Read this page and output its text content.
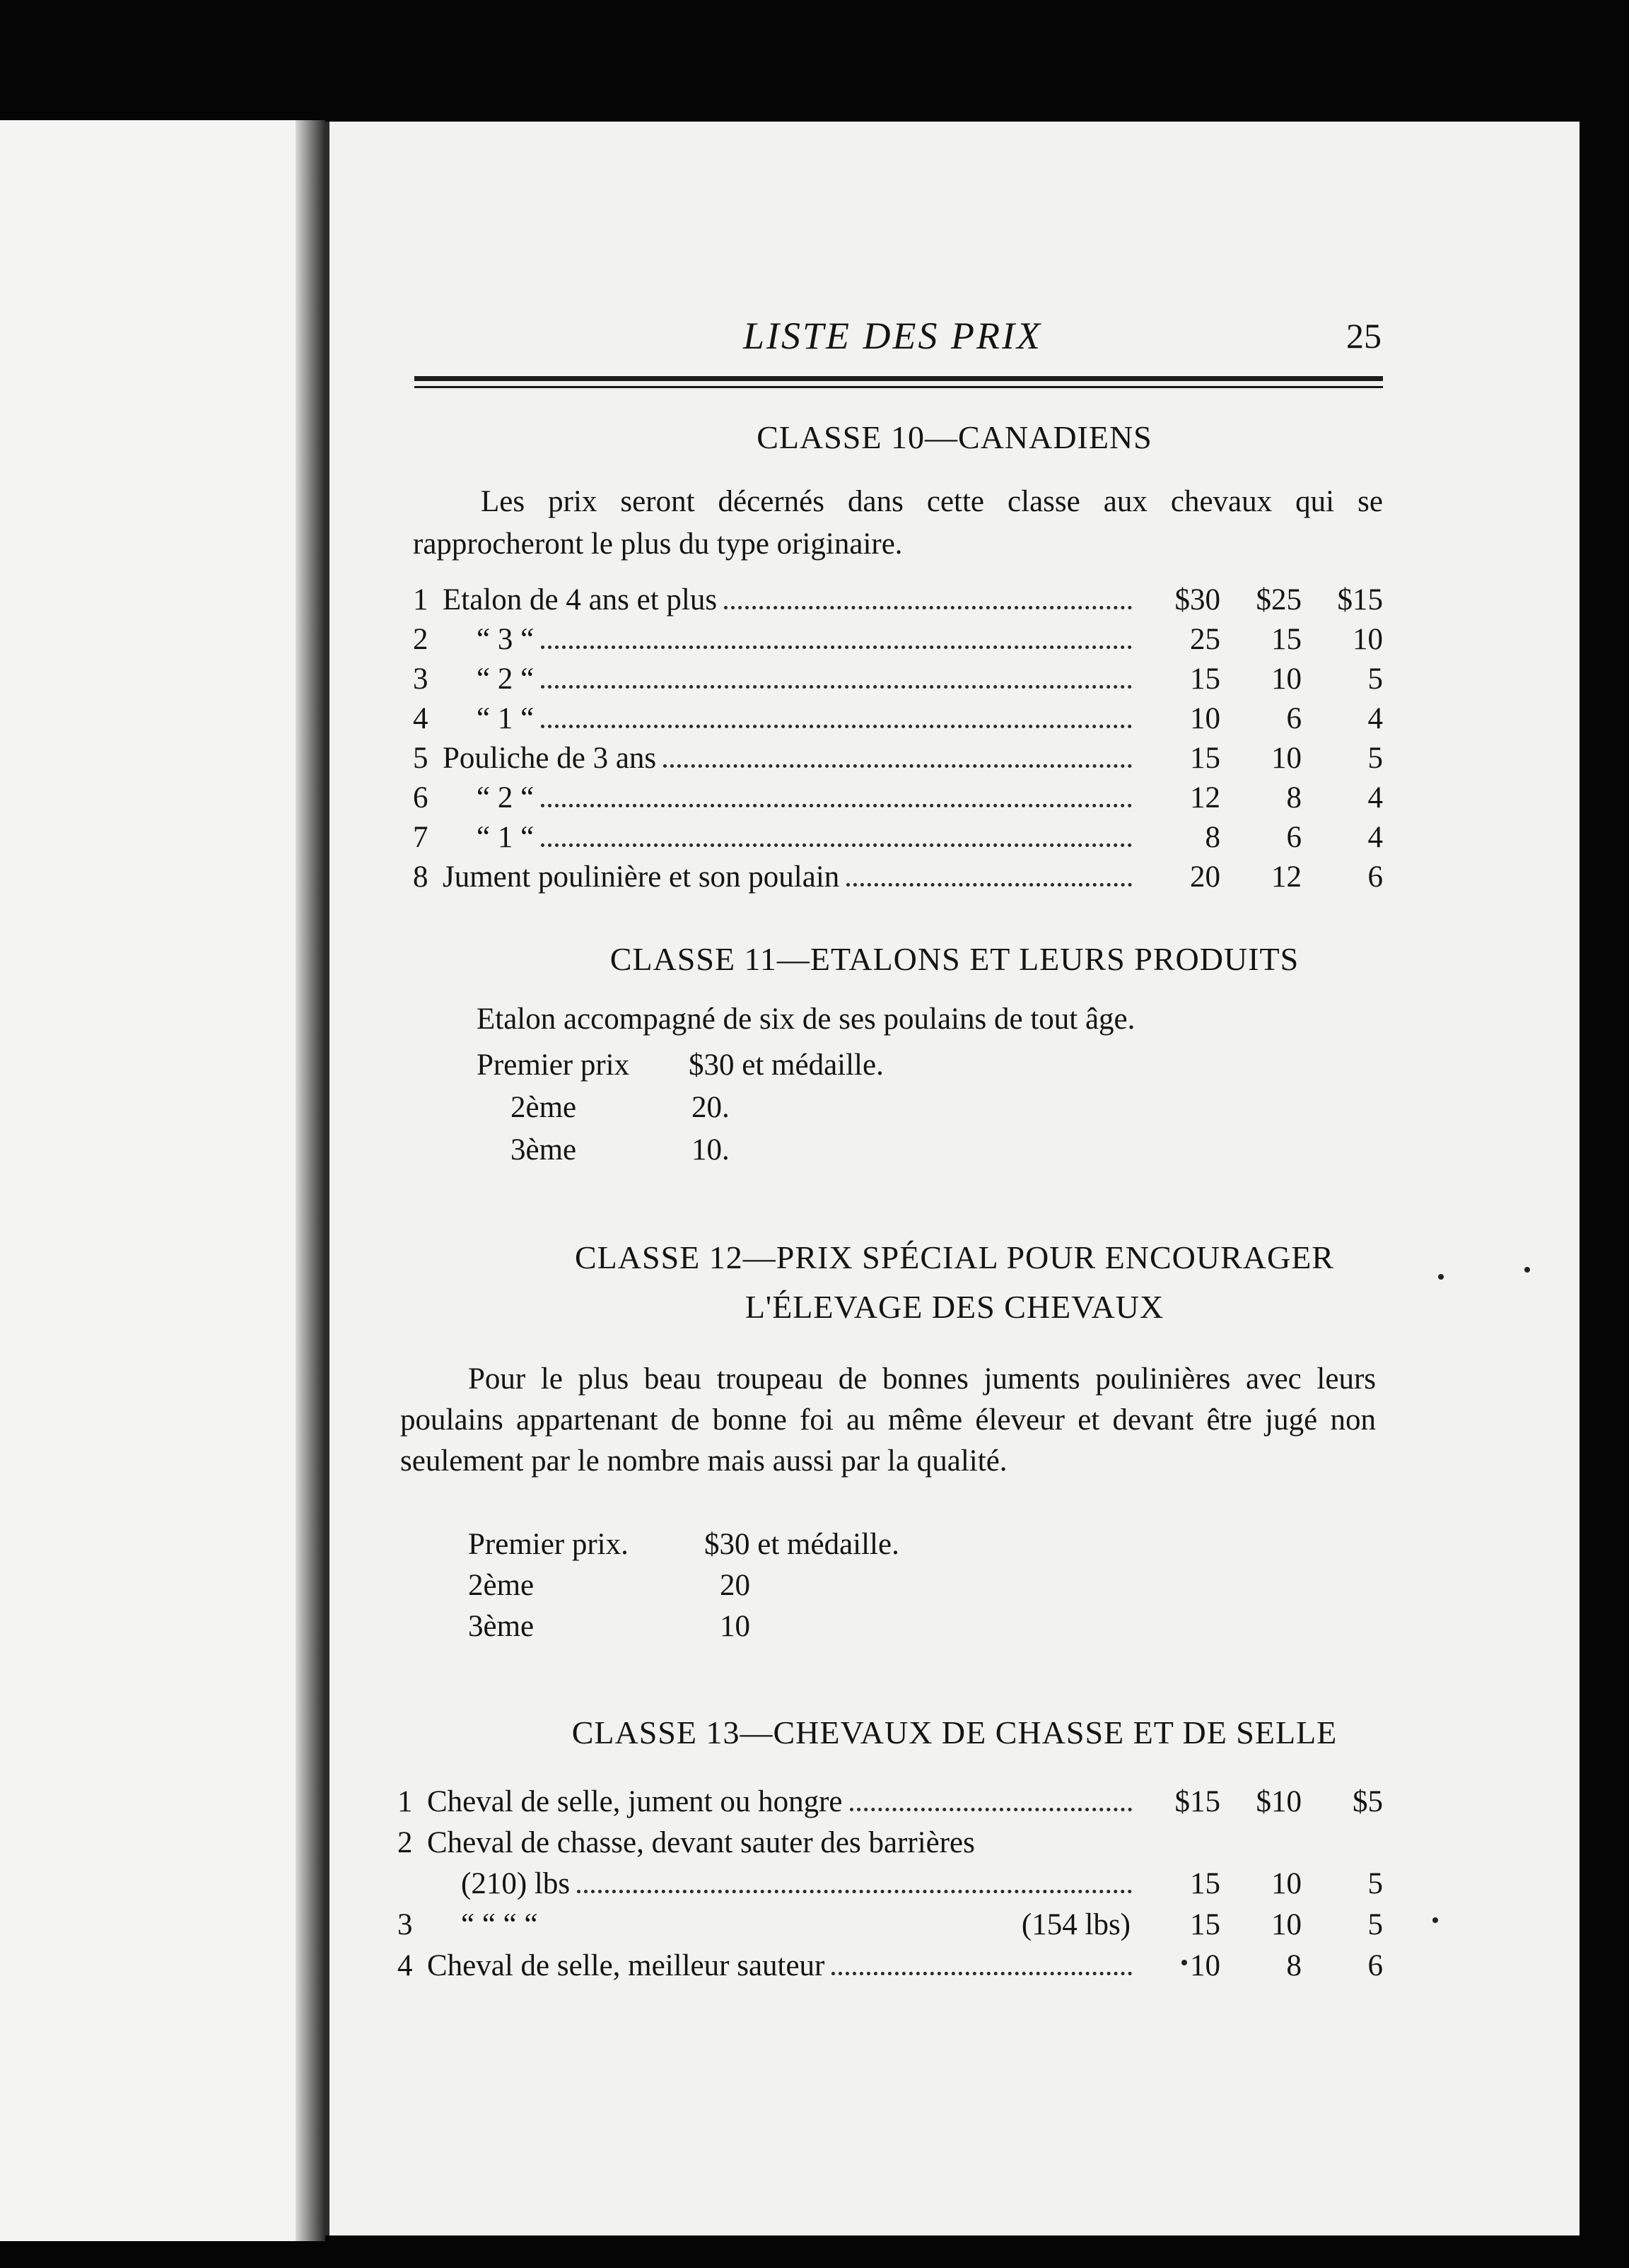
LISTE DES PRIX	25
CLASSE 10—CANADIENS
Les prix seront décernés dans cette classe aux chevaux qui se rapprocheront le plus du type originaire.
1 Etalon de 4 ans et plus	$30	$25	$15
2	“ 3 “	25	15	10
3	“ 2 “	15	10	5
4	“ 1 “	10	6	4
5 Pouliche de 3 ans	15	10	5
6	“ 2 “	12	8	4
7	“ 1 “	8	6	4
8 Jument poulinière et son poulain	20	12	6
CLASSE 11—ETALONS ET LEURS PRODUITS
Etalon accompagné de six de ses poulains de tout âge.
Premier prix $30 et médaille.
2ème	20.
3ème	10.
CLASSE 12—PRIX SPÉCIAL POUR ENCOURAGER
L'ÉLEVAGE DES CHEVAUX
Pour le plus beau troupeau de bonnes juments poulinières avec leurs poulains appartenant de bonne foi au même éleveur et devant être jugé non seulement par le nombre mais aussi par la qualité.
Premier prix. $30 et médaille.
2ème	20
3ème	10
CLASSE 13—CHEVAUX DE CHASSE ET DE SELLE
1 Cheval de selle, jument ou hongre	$15	$10	$5
2 Cheval de chasse, devant sauter des barrières
(210) lbs	15	10	5
3	“ “ “ “	(154 lbs)	15	10	5
4 Cheval de selle, meilleur sauteur	10	8	6
